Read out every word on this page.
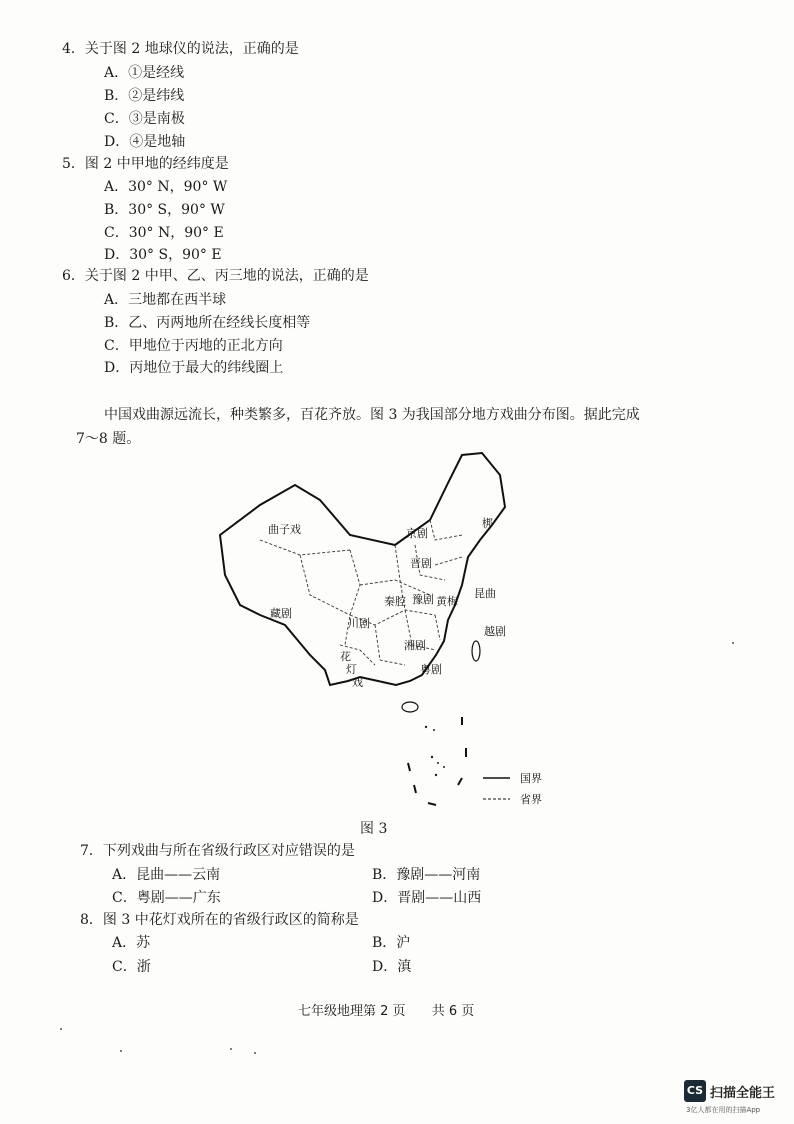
4．关于图 2 地球仪的说法，正确的是
A．①是经线
B．②是纬线
C．③是南极
D．④是地轴
5．图 2 中甲地的经纬度是
A．30° N，90° W
B．30° S，90° W
C．30° N，90° E
D．30° S，90° E
6．关于图 2 中甲、乙、丙三地的说法，正确的是
A．三地都在西半球
B．乙、丙两地所在经线长度相等
C．甲地位于丙地的正北方向
D．丙地位于最大的纬线圈上
中国戏曲源远流长，种类繁多，百花齐放。图 3 为我国部分地方戏曲分布图。据此完成
7～8 题。
曲子戏	京剧
梆
晋剧
秦腔 豫剧 黄梅
昆曲
藏剧
川剧
越剧
湘剧
粤剧
花
灯
戏
国界
省界
图 3
7．下列戏曲与所在省级行政区对应错误的是
A．昆曲——云南	B．豫剧——河南
C．粤剧——广东	D．晋剧——山西
8．图 3 中花灯戏所在的省级行政区的简称是
A．苏	B．沪
C．浙	D．滇
七年级地理第 2 页 共 6 页
CS 扫描全能王
3亿人都在用的扫描App
